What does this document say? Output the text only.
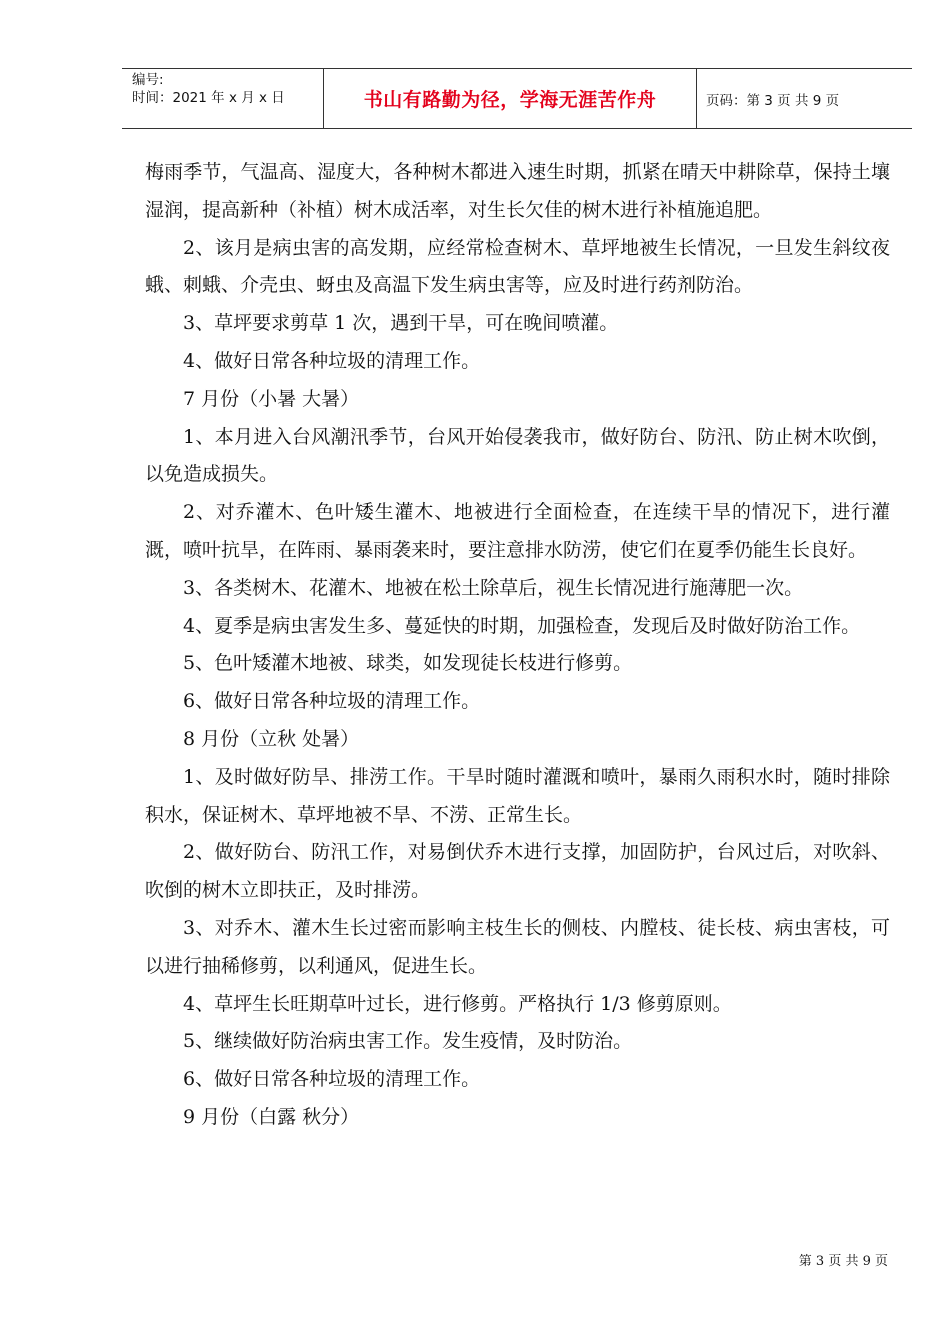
编号:
时间：2021 年 x 月 x 日	书山有路勤为径，学海无涯苦作舟	页码：第 3 页 共 9 页

梅雨季节，气温高、湿度大，各种树木都进入速生时期，抓紧在晴天中耕除草，保持土壤湿润，提高新种（补植）树木成活率，对生长欠佳的树木进行补植施追肥。

2、该月是病虫害的高发期，应经常检查树木、草坪地被生长情况，一旦发生斜纹夜蛾、刺蛾、介壳虫、蚜虫及高温下发生病虫害等，应及时进行药剂防治。

3、草坪要求剪草 1 次，遇到干旱，可在晚间喷灌。

4、做好日常各种垃圾的清理工作。

7 月份（小暑 大暑）

1、本月进入台风潮汛季节，台风开始侵袭我市，做好防台、防汛、防止树木吹倒，以免造成损失。

2、对乔灌木、色叶矮生灌木、地被进行全面检查，在连续干旱的情况下，进行灌溉，喷叶抗旱，在阵雨、暴雨袭来时，要注意排水防涝，使它们在夏季仍能生长良好。

3、各类树木、花灌木、地被在松土除草后，视生长情况进行施薄肥一次。

4、夏季是病虫害发生多、蔓延快的时期，加强检查，发现后及时做好防治工作。

5、色叶矮灌木地被、球类，如发现徒长枝进行修剪。

6、做好日常各种垃圾的清理工作。

8 月份（立秋 处暑）

1、及时做好防旱、排涝工作。干旱时随时灌溉和喷叶，暴雨久雨积水时，随时排除积水，保证树木、草坪地被不旱、不涝、正常生长。

2、做好防台、防汛工作，对易倒伏乔木进行支撑，加固防护，台风过后，对吹斜、吹倒的树木立即扶正，及时排涝。

3、对乔木、灌木生长过密而影响主枝生长的侧枝、内膛枝、徒长枝、病虫害枝，可以进行抽稀修剪，以利通风，促进生长。

4、草坪生长旺期草叶过长，进行修剪。严格执行 1/3 修剪原则。

5、继续做好防治病虫害工作。发生疫情，及时防治。

6、做好日常各种垃圾的清理工作。

9 月份（白露 秋分）

第 3 页 共 9 页
